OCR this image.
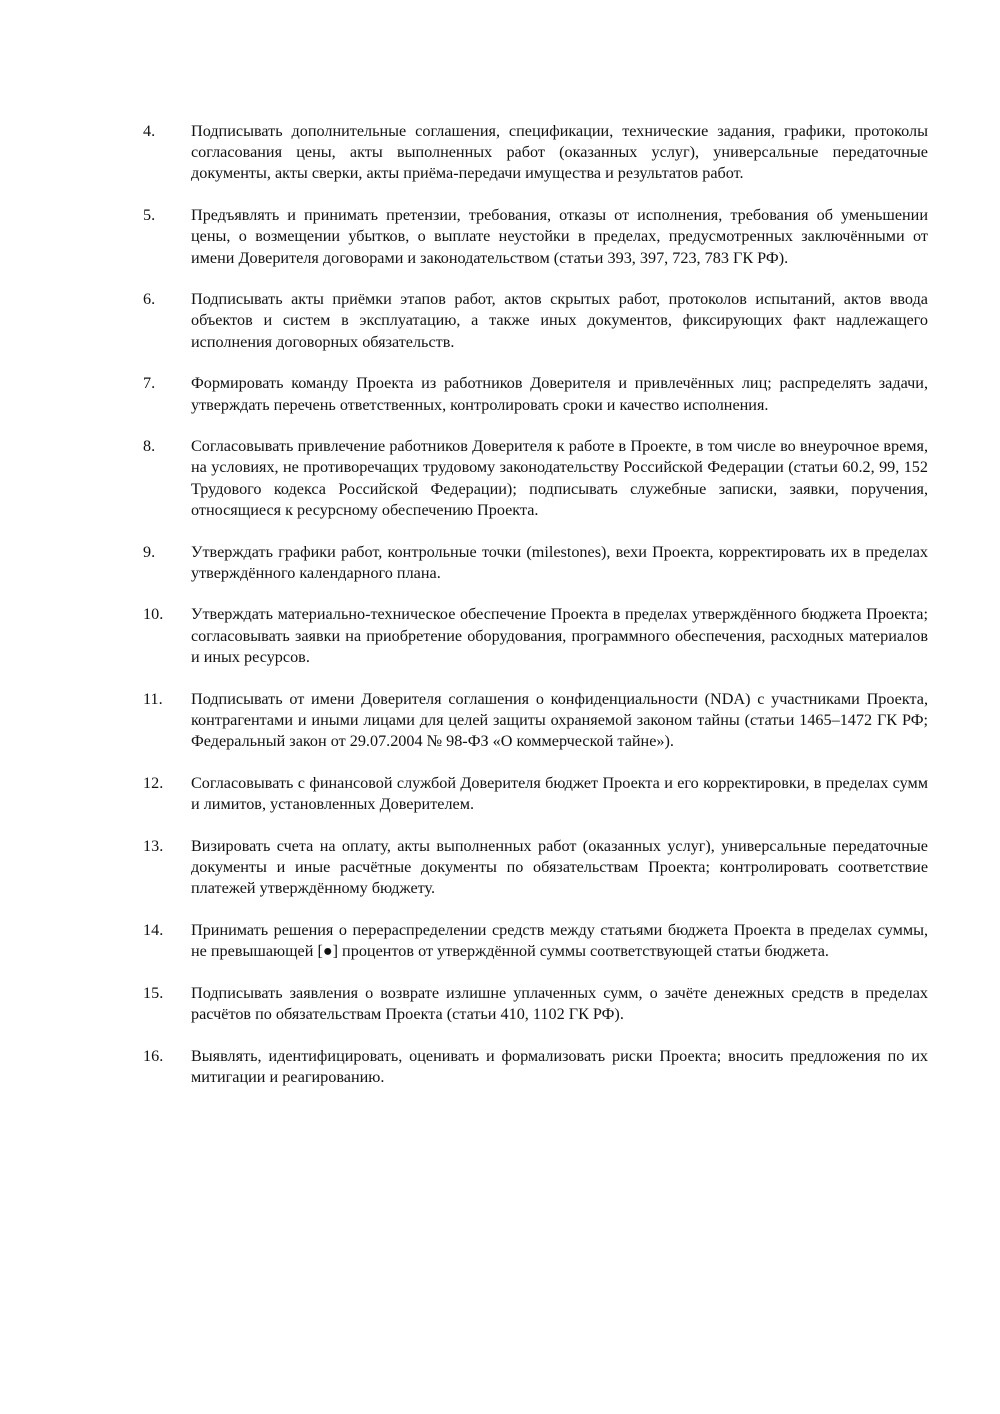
4.	Подписывать дополнительные соглашения, спецификации, технические задания, графики, протоколы согласования цены, акты выполненных работ (оказанных услуг), универсальные передаточные документы, акты сверки, акты приёма-передачи имущества и результатов работ.
5.	Предъявлять и принимать претензии, требования, отказы от исполнения, требования об уменьшении цены, о возмещении убытков, о выплате неустойки в пределах, предусмотренных заключёнными от имени Доверителя договорами и законодательством (статьи 393, 397, 723, 783 ГК РФ).
6.	Подписывать акты приёмки этапов работ, актов скрытых работ, протоколов испытаний, актов ввода объектов и систем в эксплуатацию, а также иных документов, фиксирующих факт надлежащего исполнения договорных обязательств.
7.	Формировать команду Проекта из работников Доверителя и привлечённых лиц; распределять задачи, утверждать перечень ответственных, контролировать сроки и качество исполнения.
8.	Согласовывать привлечение работников Доверителя к работе в Проекте, в том числе во внеурочное время, на условиях, не противоречащих трудовому законодательству Российской Федерации (статьи 60.2, 99, 152 Трудового кодекса Российской Федерации); подписывать служебные записки, заявки, поручения, относящиеся к ресурсному обеспечению Проекта.
9.	Утверждать графики работ, контрольные точки (milestones), вехи Проекта, корректировать их в пределах утверждённого календарного плана.
10.	Утверждать материально-техническое обеспечение Проекта в пределах утверждённого бюджета Проекта; согласовывать заявки на приобретение оборудования, программного обеспечения, расходных материалов и иных ресурсов.
11.	Подписывать от имени Доверителя соглашения о конфиденциальности (NDA) с участниками Проекта, контрагентами и иными лицами для целей защиты охраняемой законом тайны (статьи 1465–1472 ГК РФ; Федеральный закон от 29.07.2004 № 98-ФЗ «О коммерческой тайне»).
12.	Согласовывать с финансовой службой Доверителя бюджет Проекта и его корректировки, в пределах сумм и лимитов, установленных Доверителем.
13.	Визировать счета на оплату, акты выполненных работ (оказанных услуг), универсальные передаточные документы и иные расчётные документы по обязательствам Проекта; контролировать соответствие платежей утверждённому бюджету.
14.	Принимать решения о перераспределении средств между статьями бюджета Проекта в пределах суммы, не превышающей [●] процентов от утверждённой суммы соответствующей статьи бюджета.
15.	Подписывать заявления о возврате излишне уплаченных сумм, о зачёте денежных средств в пределах расчётов по обязательствам Проекта (статьи 410, 1102 ГК РФ).
16.	Выявлять, идентифицировать, оценивать и формализовать риски Проекта; вносить предложения по их митигации и реагированию.
